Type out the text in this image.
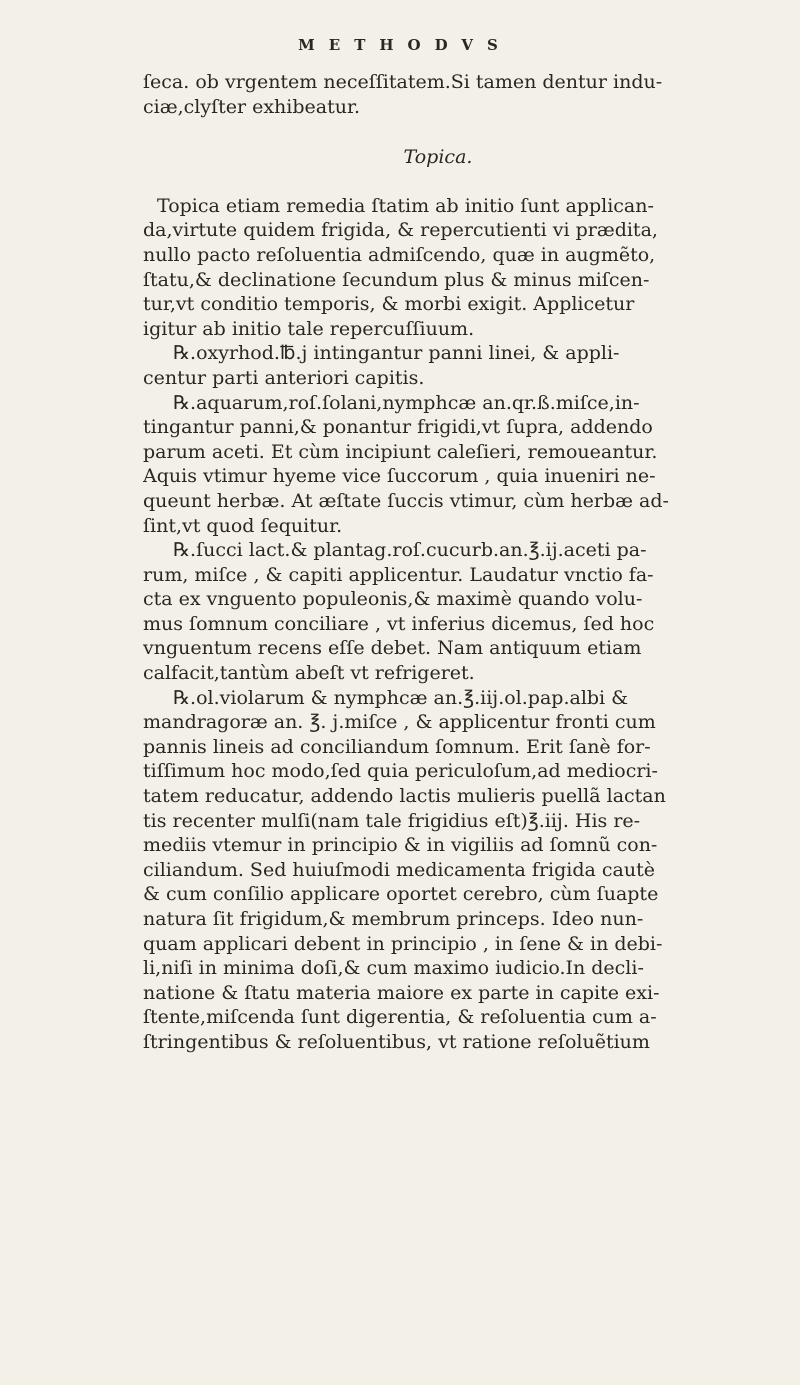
METHODVS
ſeca. ob vrgentem neceſſitatem.Si tamen dentur indu-
ciæ,clyſter exhibeatur.
Topica.
Topica etiam remedia ſtatim ab initio ſunt applican-
da,virtute quidem frigida, & repercutienti vi prædita,
nullo pacto reſoluentia admiſcendo, quæ in augmẽto,
ſtatu,& declinatione ſecundum plus & minus miſcen-
tur,vt conditio temporis, & morbi exigit. Applicetur
igitur ab initio tale repercuſſiuum.
℞.oxyrhod.℔.j intingantur panni linei, & appli-
centur parti anteriori capitis.
℞.aquarum,roſ.ſolani,nymphcæ an.qr.ß.miſce,in-
tingantur panni,& ponantur frigidi,vt ſupra, addendo
parum aceti. Et cùm incipiunt caleſieri, remoueantur.
Aquis vtimur hyeme vice ſuccorum , quia inueniri ne-
queunt herbæ. At æſtate ſuccis vtimur, cùm herbæ ad-
ſint,vt quod ſequitur.
℞.ſucci lact.& plantag.roſ.cucurb.an.℥.ij.aceti pa-
rum, miſce , & capiti applicentur. Laudatur vnctio fa-
cta ex vnguento populeonis,& maximè quando volu-
mus ſomnum conciliare , vt inferius dicemus, ſed hoc
vnguentum recens eſſe debet. Nam antiquum etiam
calfacit,tantùm abeſt vt refrigeret.
℞.ol.violarum & nymphcæ an.℥.iij.ol.pap.albi &
mandragoræ an. ℥. j.miſce , & applicentur fronti cum
pannis lineis ad conciliandum ſomnum. Erit ſanè for-
tiſſimum hoc modo,ſed quia periculoſum,ad mediocri-
tatem reducatur, addendo lactis mulieris puellã lactan
tis recenter mulſi(nam tale frigidius eſt)℥.iij. His re-
mediis vtemur in principio & in vigiliis ad ſomnũ con-
ciliandum. Sed huiuſmodi medicamenta frigida cautè
& cum conſilio applicare oportet cerebro, cùm ſuapte
natura ſit frigidum,& membrum princeps. Ideo nun-
quam applicari debent in principio , in ſene & in debi-
li,niſi in minima doſi,& cum maximo iudicio.In decli-
natione & ſtatu materia maiore ex parte in capite exi-
ſtente,miſcenda ſunt digerentia, & reſoluentia cum a-
ſtringentibus & reſoluentibus, vt ratione reſoluẽtium
